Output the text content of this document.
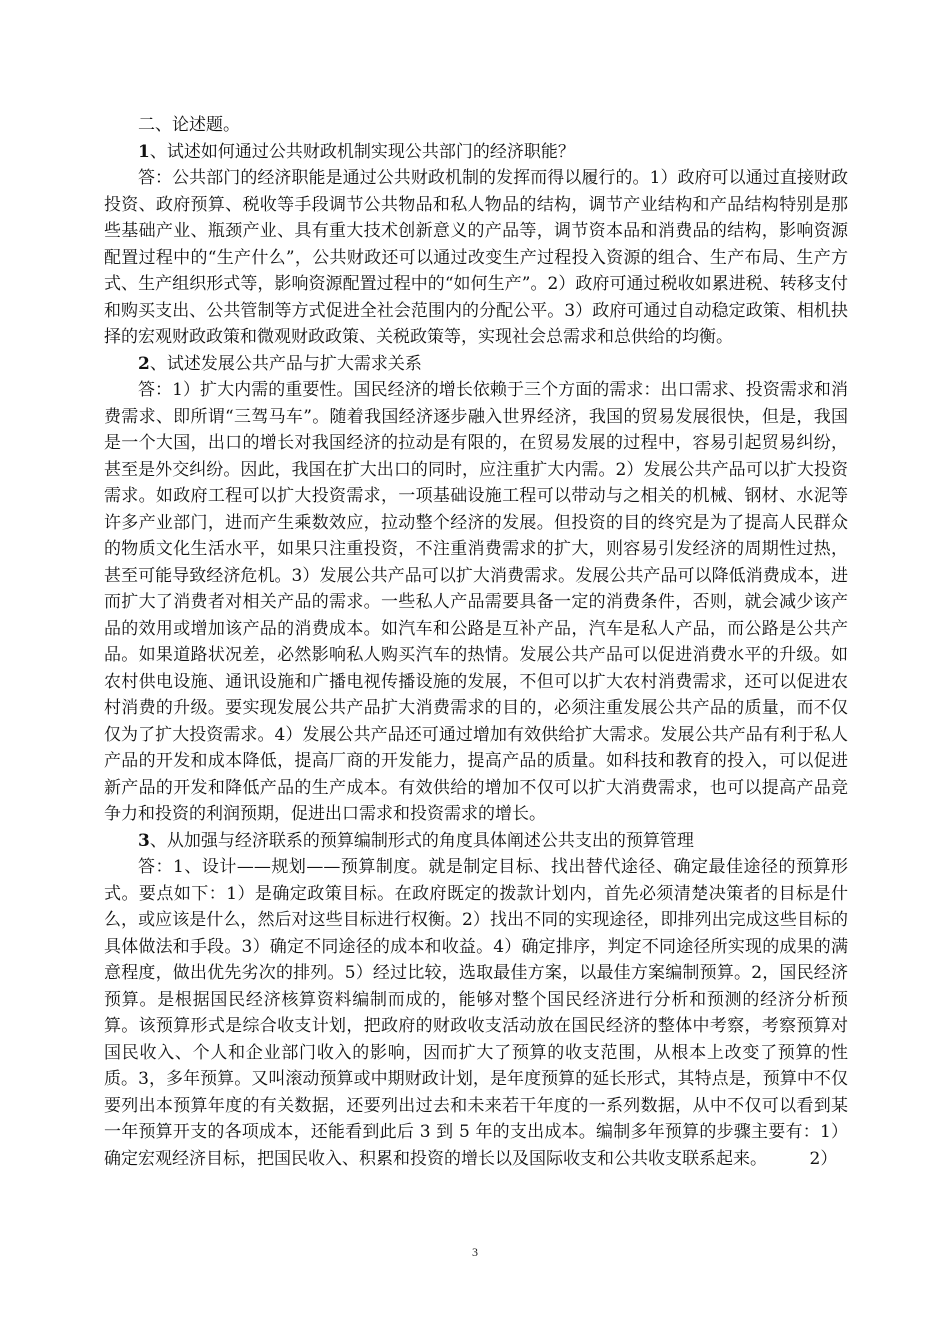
二、论述题。

1、试述如何通过公共财政机制实现公共部门的经济职能？

答：公共部门的经济职能是通过公共财政机制的发挥而得以履行的。1）政府可以通过直接财政投资、政府预算、税收等手段调节公共物品和私人物品的结构，调节产业结构和产品结构特别是那些基础产业、瓶颈产业、具有重大技术创新意义的产品等，调节资本品和消费品的结构，影响资源配置过程中的“生产什么”，公共财政还可以通过改变生产过程投入资源的组合、生产布局、生产方式、生产组织形式等，影响资源配置过程中的“如何生产”。2）政府可通过税收如累进税、转移支付和购买支出、公共管制等方式促进全社会范围内的分配公平。3）政府可通过自动稳定政策、相机抉择的宏观财政政策和微观财政政策、关税政策等，实现社会总需求和总供给的均衡。

2、试述发展公共产品与扩大需求关系

答：1）扩大内需的重要性。国民经济的增长依赖于三个方面的需求：出口需求、投资需求和消费需求、即所谓“三驾马车”。随着我国经济逐步融入世界经济，我国的贸易发展很快，但是，我国是一个大国，出口的增长对我国经济的拉动是有限的，在贸易发展的过程中，容易引起贸易纠纷，甚至是外交纠纷。因此，我国在扩大出口的同时，应注重扩大内需。2）发展公共产品可以扩大投资需求。如政府工程可以扩大投资需求，一项基础设施工程可以带动与之相关的机械、钢材、水泥等许多产业部门，进而产生乘数效应，拉动整个经济的发展。但投资的目的终究是为了提高人民群众的物质文化生活水平，如果只注重投资，不注重消费需求的扩大，则容易引发经济的周期性过热，甚至可能导致经济危机。3）发展公共产品可以扩大消费需求。发展公共产品可以降低消费成本，进而扩大了消费者对相关产品的需求。一些私人产品需要具备一定的消费条件，否则，就会减少该产品的效用或增加该产品的消费成本。如汽车和公路是互补产品，汽车是私人产品，而公路是公共产品。如果道路状况差，必然影响私人购买汽车的热情。发展公共产品可以促进消费水平的升级。如农村供电设施、通讯设施和广播电视传播设施的发展，不但可以扩大农村消费需求，还可以促进农村消费的升级。要实现发展公共产品扩大消费需求的目的，必须注重发展公共产品的质量，而不仅仅为了扩大投资需求。4）发展公共产品还可通过增加有效供给扩大需求。发展公共产品有利于私人产品的开发和成本降低，提高厂商的开发能力，提高产品的质量。如科技和教育的投入，可以促进新产品的开发和降低产品的生产成本。有效供给的增加不仅可以扩大消费需求，也可以提高产品竞争力和投资的利润预期，促进出口需求和投资需求的增长。

3、从加强与经济联系的预算编制形式的角度具体阐述公共支出的预算管理

答：1、设计——规划——预算制度。就是制定目标、找出替代途径、确定最佳途径的预算形式。要点如下：1）是确定政策目标。在政府既定的拨款计划内，首先必须清楚决策者的目标是什么，或应该是什么，然后对这些目标进行权衡。2）找出不同的实现途径，即排列出完成这些目标的具体做法和手段。3）确定不同途径的成本和收益。4）确定排序，判定不同途径所实现的成果的满意程度，做出优先劣次的排列。5）经过比较，选取最佳方案，以最佳方案编制预算。2，国民经济预算。是根据国民经济核算资料编制而成的，能够对整个国民经济进行分析和预测的经济分析预算。该预算形式是综合收支计划，把政府的财政收支活动放在国民经济的整体中考察，考察预算对国民收入、个人和企业部门收入的影响，因而扩大了预算的收支范围，从根本上改变了预算的性质。3，多年预算。又叫滚动预算或中期财政计划，是年度预算的延长形式，其特点是，预算中不仅要列出本预算年度的有关数据，还要列出过去和未来若干年度的一系列数据，从中不仅可以看到某一年预算开支的各项成本，还能看到此后 3 到 5 年的支出成本。编制多年预算的步骤主要有：1）确定宏观经济目标，把国民收入、积累和投资的增长以及国际收支和公共收支联系起来。　　　2）

3
